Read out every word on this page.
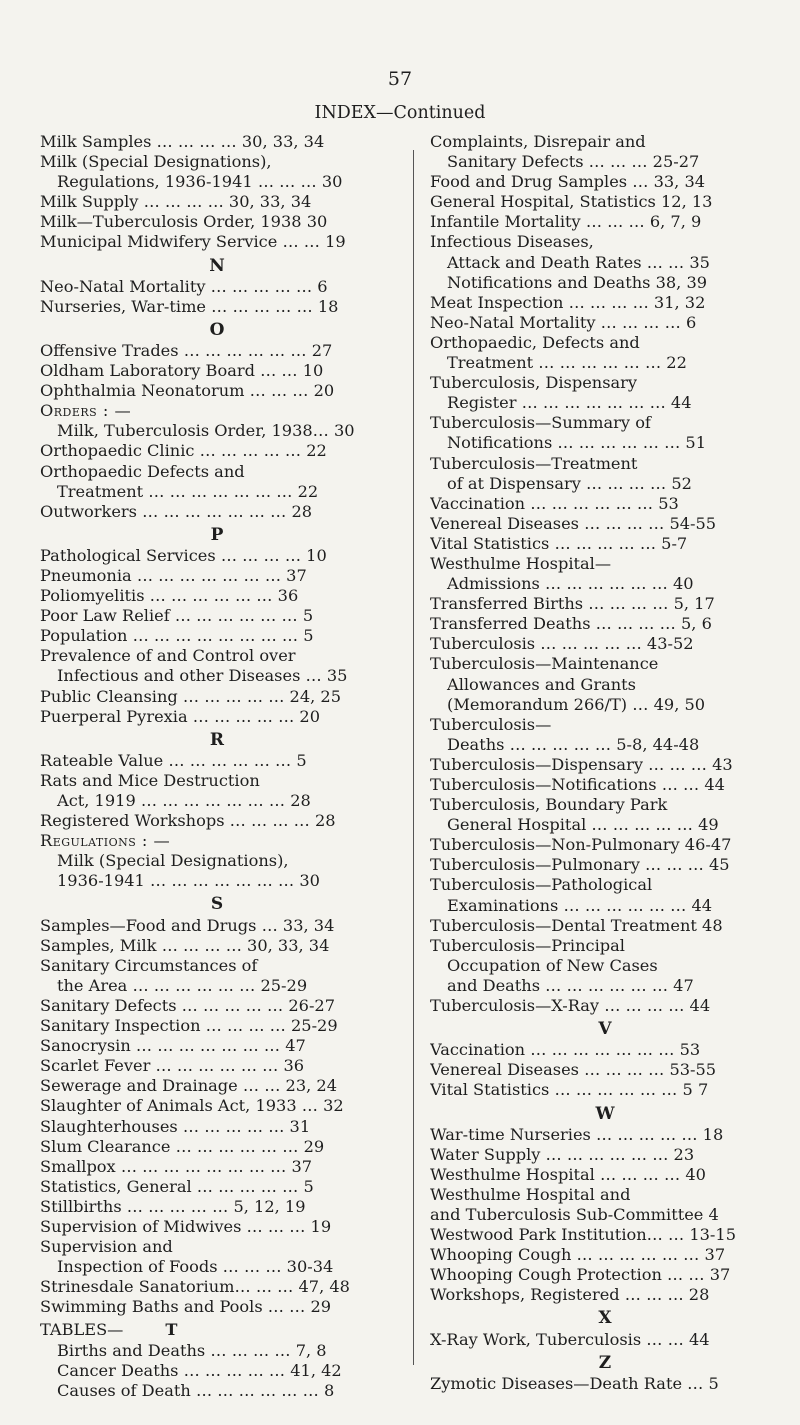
57
INDEX—Continued
Milk Samples … … … … 30, 33, 34
Milk (Special Designations),
Regulations, 1936-1941 … … … 30
Milk Supply … … … … 30, 33, 34
Milk—Tuberculosis Order, 1938 30
Municipal Midwifery Service … … 19
N
Neo-Natal Mortality … … … … … 6
Nurseries, War-time … … … … … 18
O
Offensive Trades … … … … … … 27
Oldham Laboratory Board … … 10
Ophthalmia Neonatorum … … … 20
Orders : —
Milk, Tuberculosis Order, 1938… 30
Orthopaedic Clinic … … … … … 22
Orthopaedic Defects and
Treatment … … … … … … … 22
Outworkers … … … … … … … 28
P
Pathological Services … … … … 10
Pneumonia … … … … … … … 37
Poliomyelitis … … … … … … 36
Poor Law Relief … … … … … … 5
Population … … … … … … … … 5
Prevalence of and Control over
Infectious and other Diseases … 35
Public Cleansing … … … … … 24, 25
Puerperal Pyrexia … … … … … 20
R
Rateable Value … … … … … … 5
Rats and Mice Destruction
Act, 1919 … … … … … … … 28
Registered Workshops … … … … 28
Regulations : —
Milk (Special Designations),
1936-1941 … … … … … … … 30
S
Samples—Food and Drugs … 33, 34
Samples, Milk … … … … 30, 33, 34
Sanitary Circumstances of
the Area … … … … … … 25-29
Sanitary Defects … … … … … 26-27
Sanitary Inspection … … … … 25-29
Sanocrysin … … … … … … … 47
Scarlet Fever … … … … … … 36
Sewerage and Drainage … … 23, 24
Slaughter of Animals Act, 1933 … 32
Slaughterhouses … … … … … 31
Slum Clearance … … … … … … 29
Smallpox … … … … … … … … 37
Statistics, General … … … … … 5
Stillbirths … … … … … 5, 12, 19
Supervision of Midwives … … … 19
Supervision and
Inspection of Foods … … … 30-34
Strinesdale Sanatorium… … … 47, 48
Swimming Baths and Pools … … 29
TABLES—	T
Births and Deaths … … … … 7, 8
Cancer Deaths … … … … … 41, 42
Causes of Death … … … … … … 8
Complaints, Disrepair and
Sanitary Defects … … … 25-27
Food and Drug Samples … 33, 34
General Hospital, Statistics 12, 13
Infantile Mortality … … … 6, 7, 9
Infectious Diseases,
Attack and Death Rates … … 35
Notifications and Deaths 38, 39
Meat Inspection … … … … 31, 32
Neo-Natal Mortality … … … … 6
Orthopaedic, Defects and
Treatment … … … … … … 22
Tuberculosis, Dispensary
Register … … … … … … … 44
Tuberculosis—Summary of
Notifications … … … … … … 51
Tuberculosis—Treatment
of at Dispensary … … … … 52
Vaccination … … … … … … 53
Venereal Diseases … … … … 54-55
Vital Statistics … … … … … 5-7
Westhulme Hospital—
Admissions … … … … … … 40
Transferred Births … … … … 5, 17
Transferred Deaths … … … … 5, 6
Tuberculosis … … … … … 43-52
Tuberculosis—Maintenance
Allowances and Grants
(Memorandum 266/T) … 49, 50
Tuberculosis—
Deaths … … … … … 5-8, 44-48
Tuberculosis—Dispensary … … … 43
Tuberculosis—Notifications … … 44
Tuberculosis, Boundary Park
General Hospital … … … … … 49
Tuberculosis—Non-Pulmonary 46-47
Tuberculosis—Pulmonary … … … 45
Tuberculosis—Pathological
Examinations … … … … … … 44
Tuberculosis—Dental Treatment 48
Tuberculosis—Principal
Occupation of New Cases
and Deaths … … … … … … 47
Tuberculosis—X-Ray … … … … 44
V
Vaccination … … … … … … … 53
Venereal Diseases … … … … 53-55
Vital Statistics … … … … … … 5 7
W
War-time Nurseries … … … … … 18
Water Supply … … … … … … 23
Westhulme Hospital … … … … 40
Westhulme Hospital and
and Tuberculosis Sub-Committee 4
Westwood Park Institution… … 13-15
Whooping Cough … … … … … … 37
Whooping Cough Protection … … 37
Workshops, Registered … … … 28
X
X-Ray Work, Tuberculosis … … 44
Z
Zymotic Diseases—Death Rate … 5
